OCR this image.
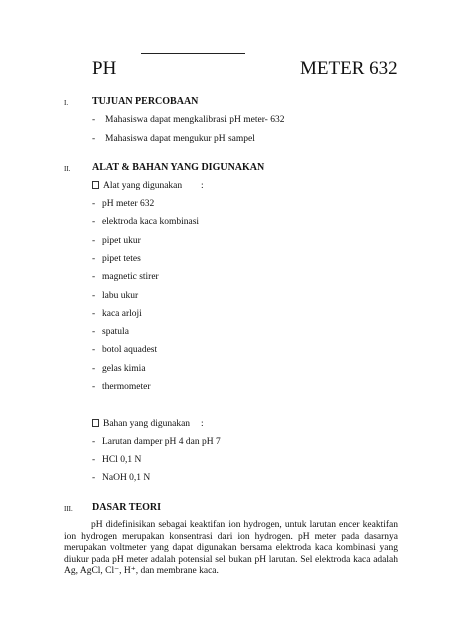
PH	METER 632
I. TUJUAN PERCOBAAN
- Mahasiswa dapat mengkalibrasi pH meter- 632
- Mahasiswa dapat mengukur pH sampel
II. ALAT & BAHAN YANG DIGUNAKAN
Alat yang digunakan :
- pH meter 632
- elektroda kaca kombinasi
- pipet ukur
- pipet tetes
- magnetic stirer
- labu ukur
- kaca arloji
- spatula
- botol aquadest
- gelas kimia
- thermometer
Bahan yang digunakan :
- Larutan damper pH 4 dan pH 7
- HCl 0,1 N
- NaOH 0,1 N
III. DASAR TEORI
pH didefinisikan sebagai keaktifan ion hydrogen, untuk larutan encer keaktifan ion hydrogen merupakan konsentrasi dari ion hydrogen. pH meter pada dasarnya merupakan voltmeter yang dapat digunakan bersama elektroda kaca kombinasi yang diukur pada pH meter adalah potensial sel bukan pH larutan. Sel elektroda kaca adalah Ag, AgCl, Cl⁻, H⁺, dan membrane kaca.
